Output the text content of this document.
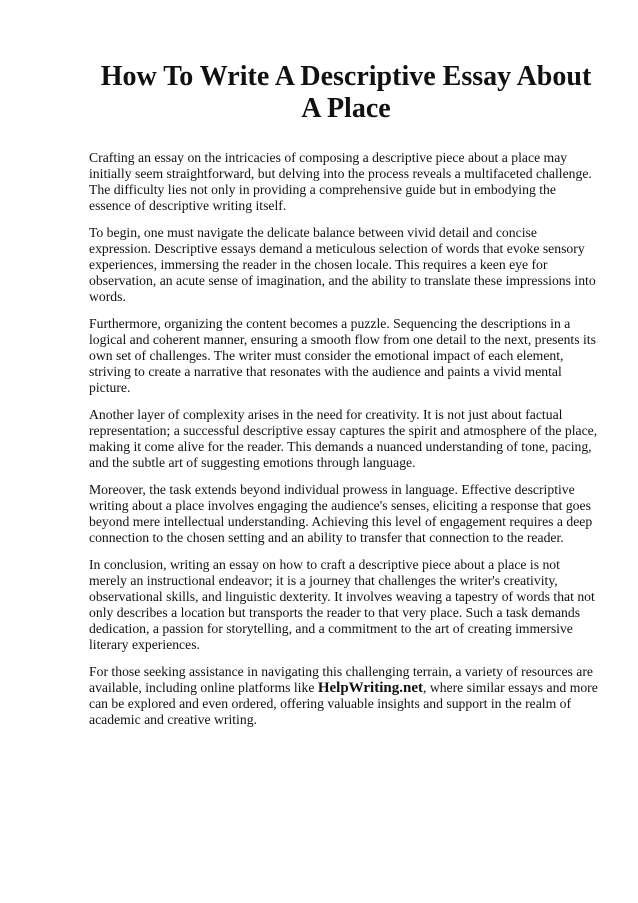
How To Write A Descriptive Essay About A Place

Crafting an essay on the intricacies of composing a descriptive piece about a place may initially seem straightforward, but delving into the process reveals a multifaceted challenge. The difficulty lies not only in providing a comprehensive guide but in embodying the essence of descriptive writing itself.

To begin, one must navigate the delicate balance between vivid detail and concise expression. Descriptive essays demand a meticulous selection of words that evoke sensory experiences, immersing the reader in the chosen locale. This requires a keen eye for observation, an acute sense of imagination, and the ability to translate these impressions into words.

Furthermore, organizing the content becomes a puzzle. Sequencing the descriptions in a logical and coherent manner, ensuring a smooth flow from one detail to the next, presents its own set of challenges. The writer must consider the emotional impact of each element, striving to create a narrative that resonates with the audience and paints a vivid mental picture.

Another layer of complexity arises in the need for creativity. It is not just about factual representation; a successful descriptive essay captures the spirit and atmosphere of the place, making it come alive for the reader. This demands a nuanced understanding of tone, pacing, and the subtle art of suggesting emotions through language.

Moreover, the task extends beyond individual prowess in language. Effective descriptive writing about a place involves engaging the audience's senses, eliciting a response that goes beyond mere intellectual understanding. Achieving this level of engagement requires a deep connection to the chosen setting and an ability to transfer that connection to the reader.

In conclusion, writing an essay on how to craft a descriptive piece about a place is not merely an instructional endeavor; it is a journey that challenges the writer's creativity, observational skills, and linguistic dexterity. It involves weaving a tapestry of words that not only describes a location but transports the reader to that very place. Such a task demands dedication, a passion for storytelling, and a commitment to the art of creating immersive literary experiences.

For those seeking assistance in navigating this challenging terrain, a variety of resources are available, including online platforms like HelpWriting.net, where similar essays and more can be explored and even ordered, offering valuable insights and support in the realm of academic and creative writing.
